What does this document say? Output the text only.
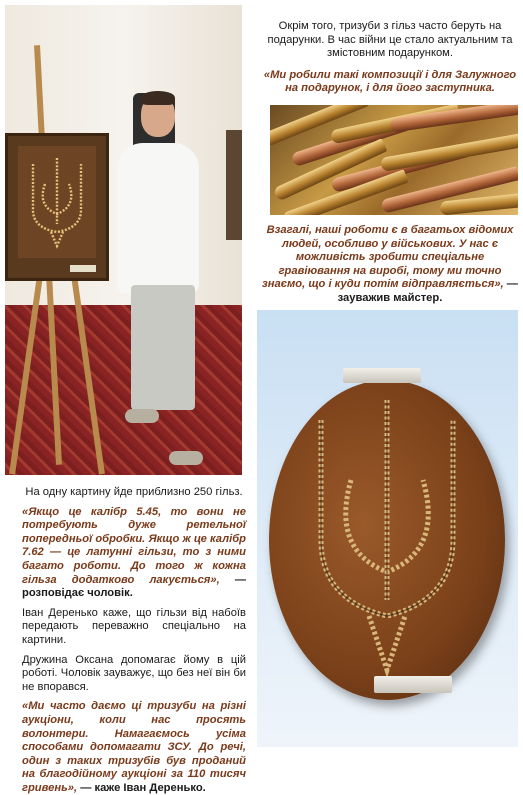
Окрім того, тризуби з гільз часто беруть на подарунки. В час війни це стало актуальним та змістовним подарунком.

«Ми робили такі композиції і для Залужного на подарунок, і для його заступника.

Взагалі, наші роботи є в багатьох відомих людей, особливо у військових. У нас є можливість зробити спеціальне гравіювання на виробі, тому ми точно знаємо, що і куди потім відправляється», — зауважив майстер.

На одну картину йде приблизно 250 гільз.

«Якщо це калібр 5.45, то вони не потребують дуже ретельної попередньої обробки. Якщо ж це калібр 7.62 — це латунні гільзи, то з ними багато роботи. До того ж кожна гільза додатково лакується», — розповідає чоловік.

Іван Деренько каже, що гільзи від набоїв передають переважно спеціально на картини.

Дружина Оксана допомагає йому в цій роботі. Чоловік зауважує, що без неї він би не впорався.

«Ми часто даємо ці тризуби на різні аукціони, коли нас просять волонтери. Намагаємось усіма способами допомагати ЗСУ. До речі, один з таких тризубів був проданий на благодійному аукціоні за 110 тисяч гривень», — каже Іван Деренько.
